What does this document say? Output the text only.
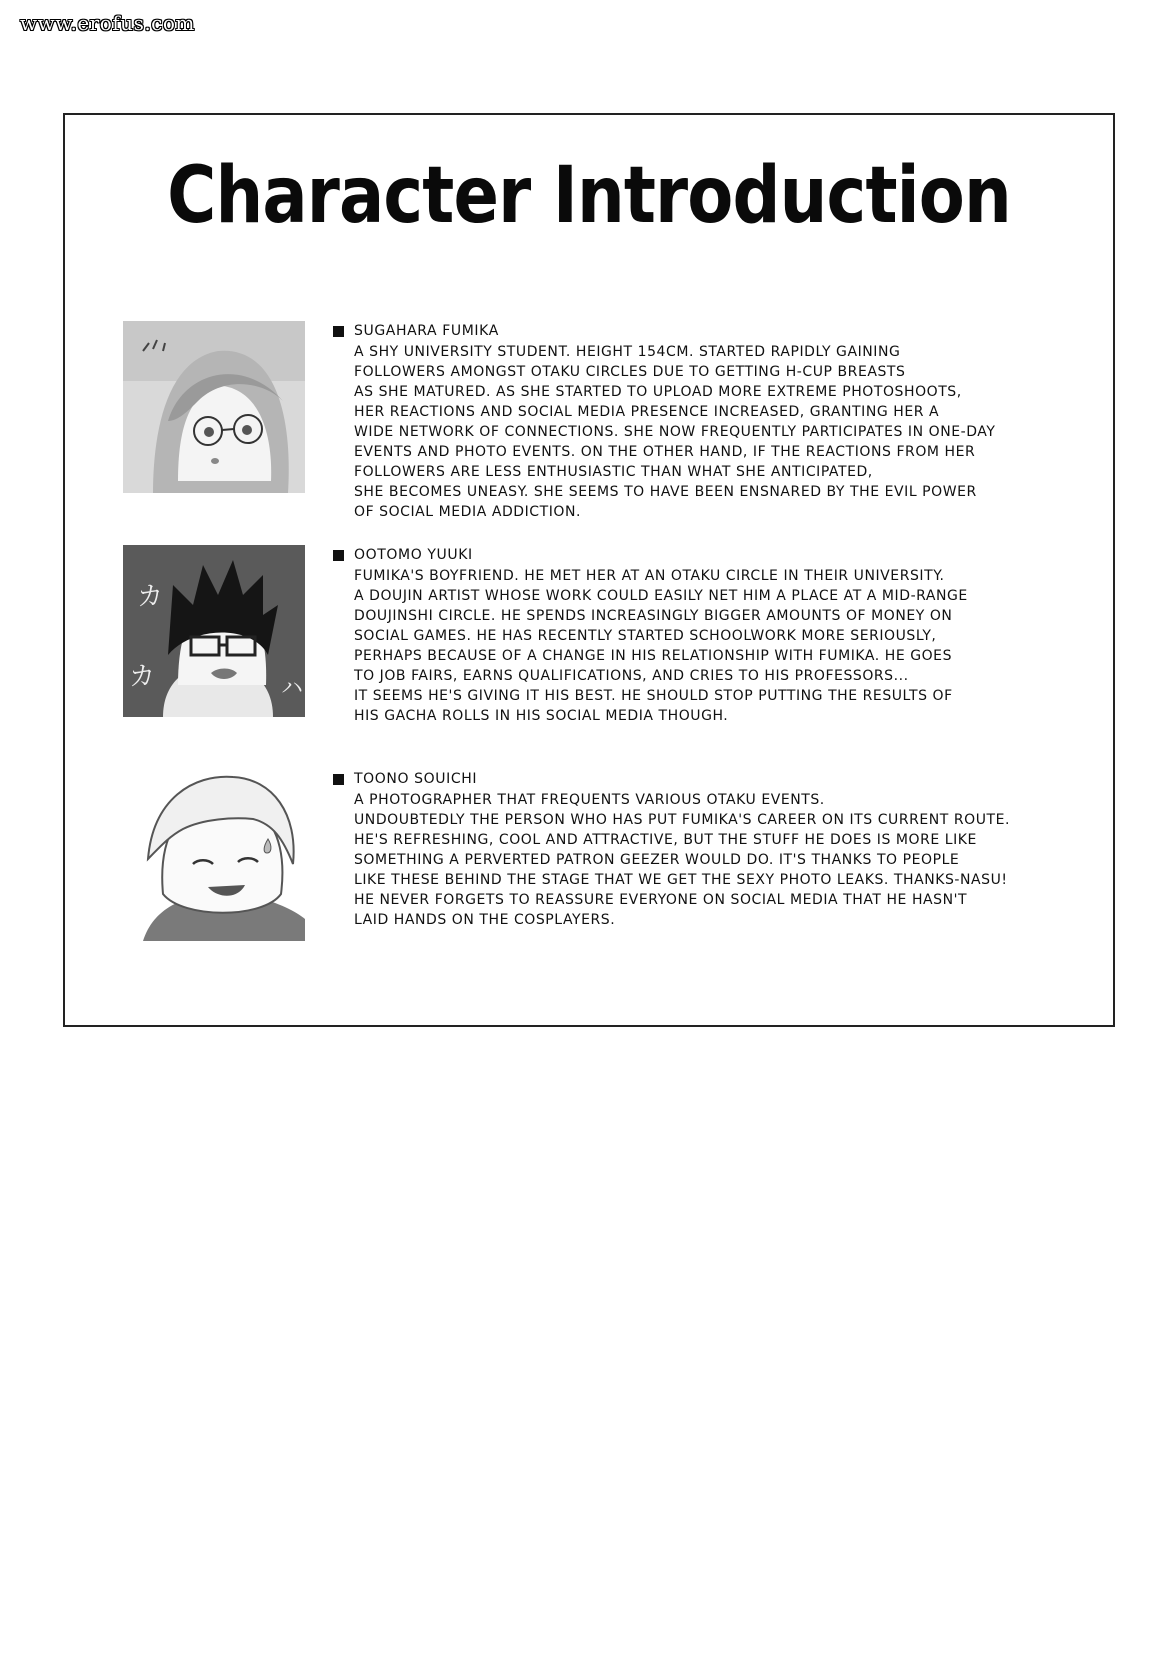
www.erofus.com
Character Introduction
SUGAHARA FUMIKA
A SHY UNIVERSITY STUDENT. HEIGHT 154CM. STARTED RAPIDLY GAINING
FOLLOWERS AMONGST OTAKU CIRCLES DUE TO GETTING H-CUP BREASTS
AS SHE MATURED. AS SHE STARTED TO UPLOAD MORE EXTREME PHOTOSHOOTS,
HER REACTIONS AND SOCIAL MEDIA PRESENCE INCREASED, GRANTING HER A
WIDE NETWORK OF CONNECTIONS. SHE NOW FREQUENTLY PARTICIPATES IN ONE-DAY
EVENTS AND PHOTO EVENTS. ON THE OTHER HAND, IF THE REACTIONS FROM HER
FOLLOWERS ARE LESS ENTHUSIASTIC THAN WHAT SHE ANTICIPATED,
SHE BECOMES UNEASY. SHE SEEMS TO HAVE BEEN ENSNARED BY THE EVIL POWER
OF SOCIAL MEDIA ADDICTION.
カ
カ	ハ
OOTOMO YUUKI
FUMIKA'S BOYFRIEND. HE MET HER AT AN OTAKU CIRCLE IN THEIR UNIVERSITY.
A DOUJIN ARTIST WHOSE WORK COULD EASILY NET HIM A PLACE AT A MID-RANGE
DOUJINSHI CIRCLE. HE SPENDS INCREASINGLY BIGGER AMOUNTS OF MONEY ON
SOCIAL GAMES. HE HAS RECENTLY STARTED SCHOOLWORK MORE SERIOUSLY,
PERHAPS BECAUSE OF A CHANGE IN HIS RELATIONSHIP WITH FUMIKA. HE GOES
TO JOB FAIRS, EARNS QUALIFICATIONS, AND CRIES TO HIS PROFESSORS...
IT SEEMS HE'S GIVING IT HIS BEST. HE SHOULD STOP PUTTING THE RESULTS OF
HIS GACHA ROLLS IN HIS SOCIAL MEDIA THOUGH.
TOONO SOUICHI
A PHOTOGRAPHER THAT FREQUENTS VARIOUS OTAKU EVENTS.
UNDOUBTEDLY THE PERSON WHO HAS PUT FUMIKA'S CAREER ON ITS CURRENT ROUTE.
HE'S REFRESHING, COOL AND ATTRACTIVE, BUT THE STUFF HE DOES IS MORE LIKE
SOMETHING A PERVERTED PATRON GEEZER WOULD DO. IT'S THANKS TO PEOPLE
LIKE THESE BEHIND THE STAGE THAT WE GET THE SEXY PHOTO LEAKS. THANKS-NASU!
HE NEVER FORGETS TO REASSURE EVERYONE ON SOCIAL MEDIA THAT HE HASN'T
LAID HANDS ON THE COSPLAYERS.
